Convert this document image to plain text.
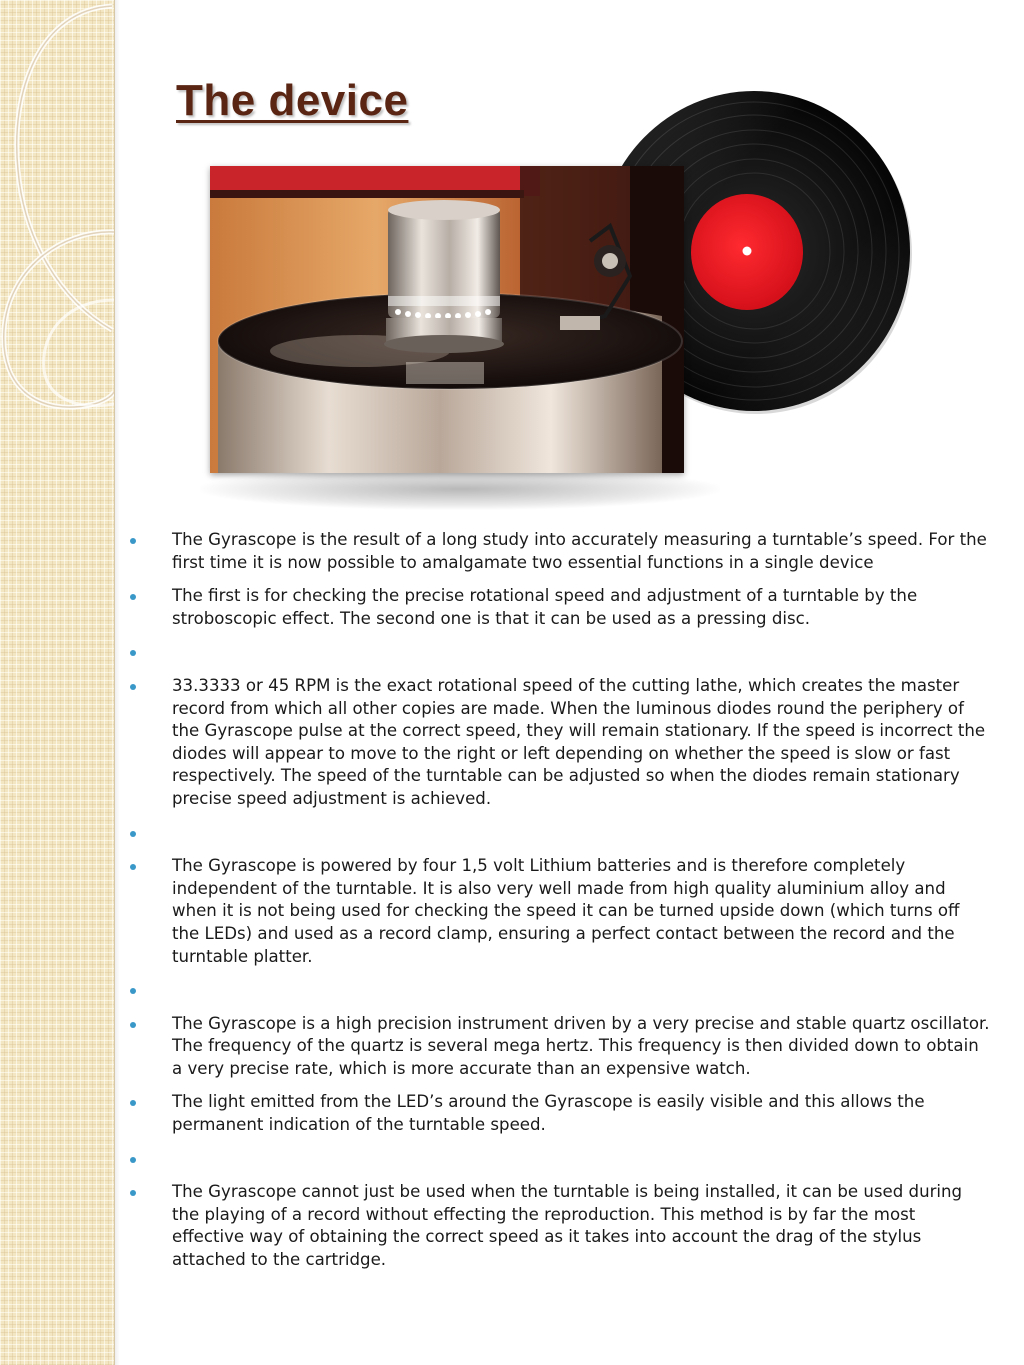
The device
The Gyrascope is the result of a long study into accurately measuring a turntable’s speed. For the first time it is now possible to amalgamate two essential functions in a single device
The first is for checking the precise rotational speed and adjustment of a turntable by the stroboscopic effect. The second one is that it can be used as a pressing disc.
33.3333 or 45 RPM is the exact rotational speed of the cutting lathe, which creates the master record from which all other copies are made. When the luminous diodes round the periphery of the Gyrascope pulse at the correct speed, they will remain stationary. If the speed is incorrect the diodes will appear to move to the right or left depending on whether the speed is slow or fast respectively. The speed of the turntable can be adjusted so when the diodes remain stationary precise speed adjustment is achieved.
The Gyrascope is powered by four 1,5 volt Lithium batteries and is therefore completely independent of the turntable. It is also very well made from high quality aluminium alloy and when it is not being used for checking the speed it can be turned upside down (which turns off the LEDs) and used as a record clamp, ensuring a perfect contact between the record and the turntable platter.
The Gyrascope is a high precision instrument driven by a very precise and stable quartz oscillator. The frequency of the quartz is several mega hertz. This frequency is then divided down to obtain a very precise rate, which is more accurate than an expensive watch.
The light emitted from the LED’s around the Gyrascope is easily visible and this allows the permanent indication of the turntable speed.
The Gyrascope cannot just be used when the turntable is being installed, it can be used during the playing of a record without effecting the reproduction. This method is by far the most effective way of obtaining the correct speed as it takes into account the drag of the stylus attached to the cartridge.
